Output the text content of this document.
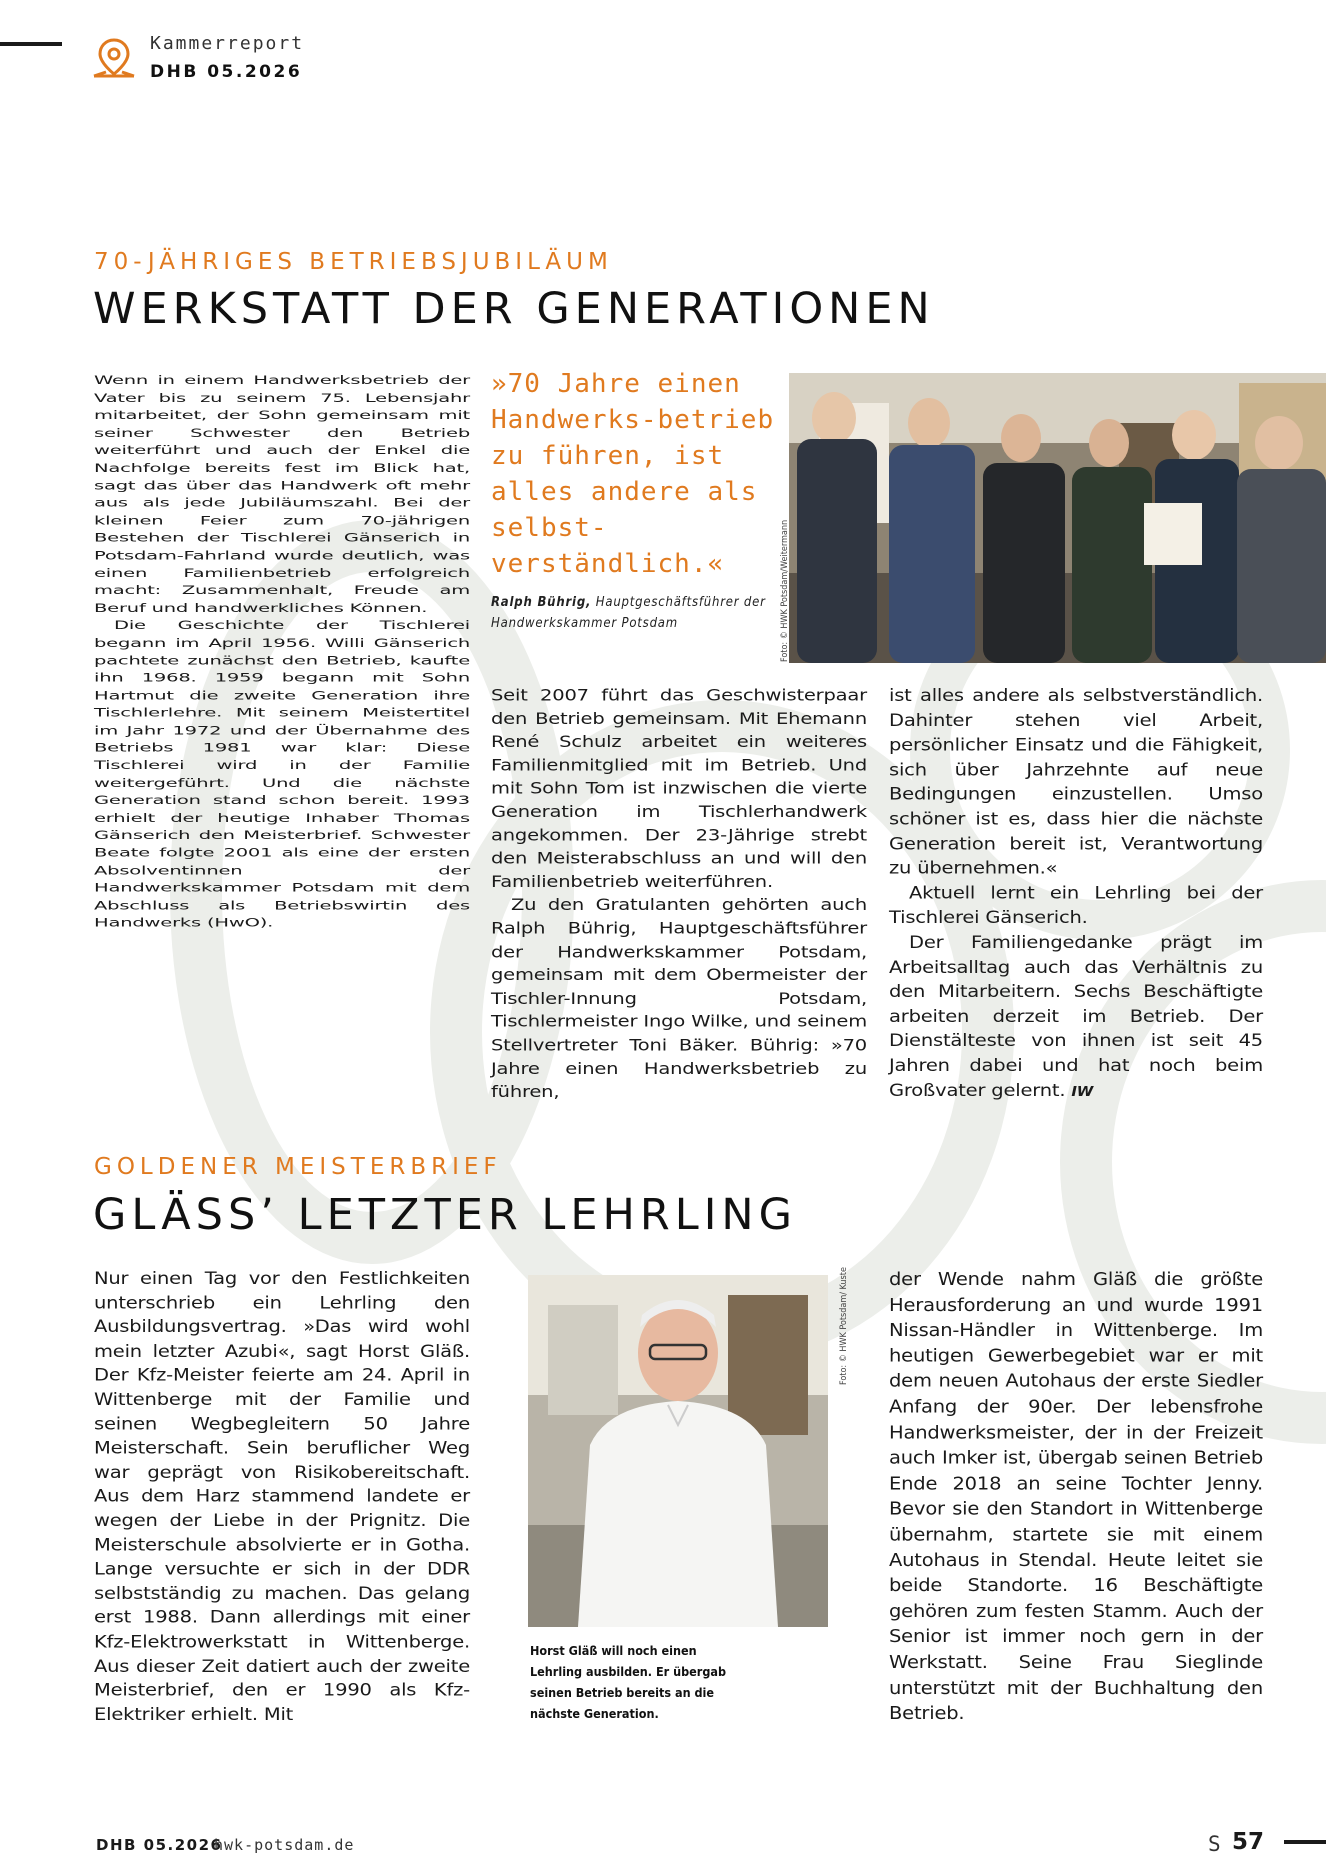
Kammerreport
DHB 05.2026
70-JÄHRIGES BETRIEBSJUBILÄUM
WERKSTATT DER GENERATIONEN

Wenn in einem Handwerksbetrieb der Vater bis zu seinem 75. Lebensjahr mitarbeitet, der Sohn gemeinsam mit seiner Schwester den Betrieb weiterführt und auch der Enkel die Nachfolge bereits fest im Blick hat, sagt das über das Handwerk oft mehr aus als jede Jubiläumszahl. Bei der kleinen Feier zum 70-jährigen Bestehen der Tischlerei Gänserich in Potsdam-Fahrland wurde deutlich, was einen Familienbetrieb erfolgreich macht: Zusammenhalt, Freude am Beruf und handwerkliches Können.

Die Geschichte der Tischlerei begann im April 1956. Willi Gänserich pachtete zunächst den Betrieb, kaufte ihn 1968. 1959 begann mit Sohn Hartmut die zweite Generation ihre Tischlerlehre. Mit seinem Meistertitel im Jahr 1972 und der Übernahme des Betriebs 1981 war klar: Diese Tischlerei wird in der Familie weitergeführt. Und die nächste Generation stand schon bereit. 1993 erhielt der heutige Inhaber Thomas Gänserich den Meisterbrief. Schwester Beate folgte 2001 als eine der ersten Absolventinnen der Handwerkskammer Potsdam mit dem Abschluss als Betriebswirtin des Handwerks (HwO).

»70 Jahre einen Handwerks-betrieb zu führen, ist alles andere als selbst-verständlich.«
Ralph Bührig, Hauptgeschäftsführer der Handwerkskammer Potsdam	Foto: © HWK Potsdam/Weitermann

Seit 2007 führt das Geschwisterpaar den Betrieb gemeinsam. Mit Ehemann René Schulz arbeitet ein weiteres Familienmitglied mit im Betrieb. Und mit Sohn Tom ist inzwischen die vierte Generation im Tischlerhandwerk angekommen. Der 23-Jährige strebt den Meisterabschluss an und will den Familienbetrieb weiterführen.

Zu den Gratulanten gehörten auch Ralph Bührig, Hauptgeschäftsführer der Handwerkskammer Potsdam, gemeinsam mit dem Obermeister der Tischler-Innung Potsdam, Tischlermeister Ingo Wilke, und seinem Stellvertreter Toni Bäker. Bührig: »70 Jahre einen Handwerksbetrieb zu führen,

ist alles andere als selbstverständlich. Dahinter stehen viel Arbeit, persönlicher Einsatz und die Fähigkeit, sich über Jahrzehnte auf neue Bedingungen einzustellen. Umso schöner ist es, dass hier die nächste Generation bereit ist, Verantwortung zu übernehmen.«

Aktuell lernt ein Lehrling bei der Tischlerei Gänserich.

Der Familiengedanke prägt im Arbeitsalltag auch das Verhältnis zu den Mitarbeitern. Sechs Beschäftigte arbeiten derzeit im Betrieb. Der Dienstälteste von ihnen ist seit 45 Jahren dabei und hat noch beim Großvater gelernt. IW

GOLDENER MEISTERBRIEF
GLÄSS’ LETZTER LEHRLING

Nur einen Tag vor den Festlichkeiten unterschrieb ein Lehrling den Ausbildungsvertrag. »Das wird wohl mein letzter Azubi«, sagt Horst Gläß. Der Kfz-Meister feierte am 24. April in Wittenberge mit der Familie und seinen Wegbegleitern 50 Jahre Meisterschaft. Sein beruflicher Weg war geprägt von Risikobereitschaft. Aus dem Harz stammend landete er wegen der Liebe in der Prignitz. Die Meisterschule absolvierte er in Gotha. Lange versuchte er sich in der DDR selbstständig zu machen. Das gelang erst 1988. Dann allerdings mit einer Kfz-Elektrowerkstatt in Wittenberge. Aus dieser Zeit datiert auch der zweite Meisterbrief, den er 1990 als Kfz-Elektriker erhielt. Mit

Foto: © HWK Potsdam/ Kuste
Horst Gläß will noch einen Lehrling ausbilden. Er übergab seinen Betrieb bereits an die nächste Generation.

der Wende nahm Gläß die größte Herausforderung an und wurde 1991 Nissan-Händler in Wittenberge. Im heutigen Gewerbegebiet war er mit dem neuen Autohaus der erste Siedler Anfang der 90er. Der lebensfrohe Handwerksmeister, der in der Freizeit auch Imker ist, übergab seinen Betrieb Ende 2018 an seine Tochter Jenny. Bevor sie den Standort in Wittenberge übernahm, startete sie mit einem Autohaus in Stendal. Heute leitet sie beide Standorte. 16 Beschäftigte gehören zum festen Stamm. Auch der Senior ist immer noch gern in der Werkstatt. Seine Frau Sieglinde unterstützt mit der Buchhaltung den Betrieb.

DHB 05.2026
hwk-potsdam.de	S 57
